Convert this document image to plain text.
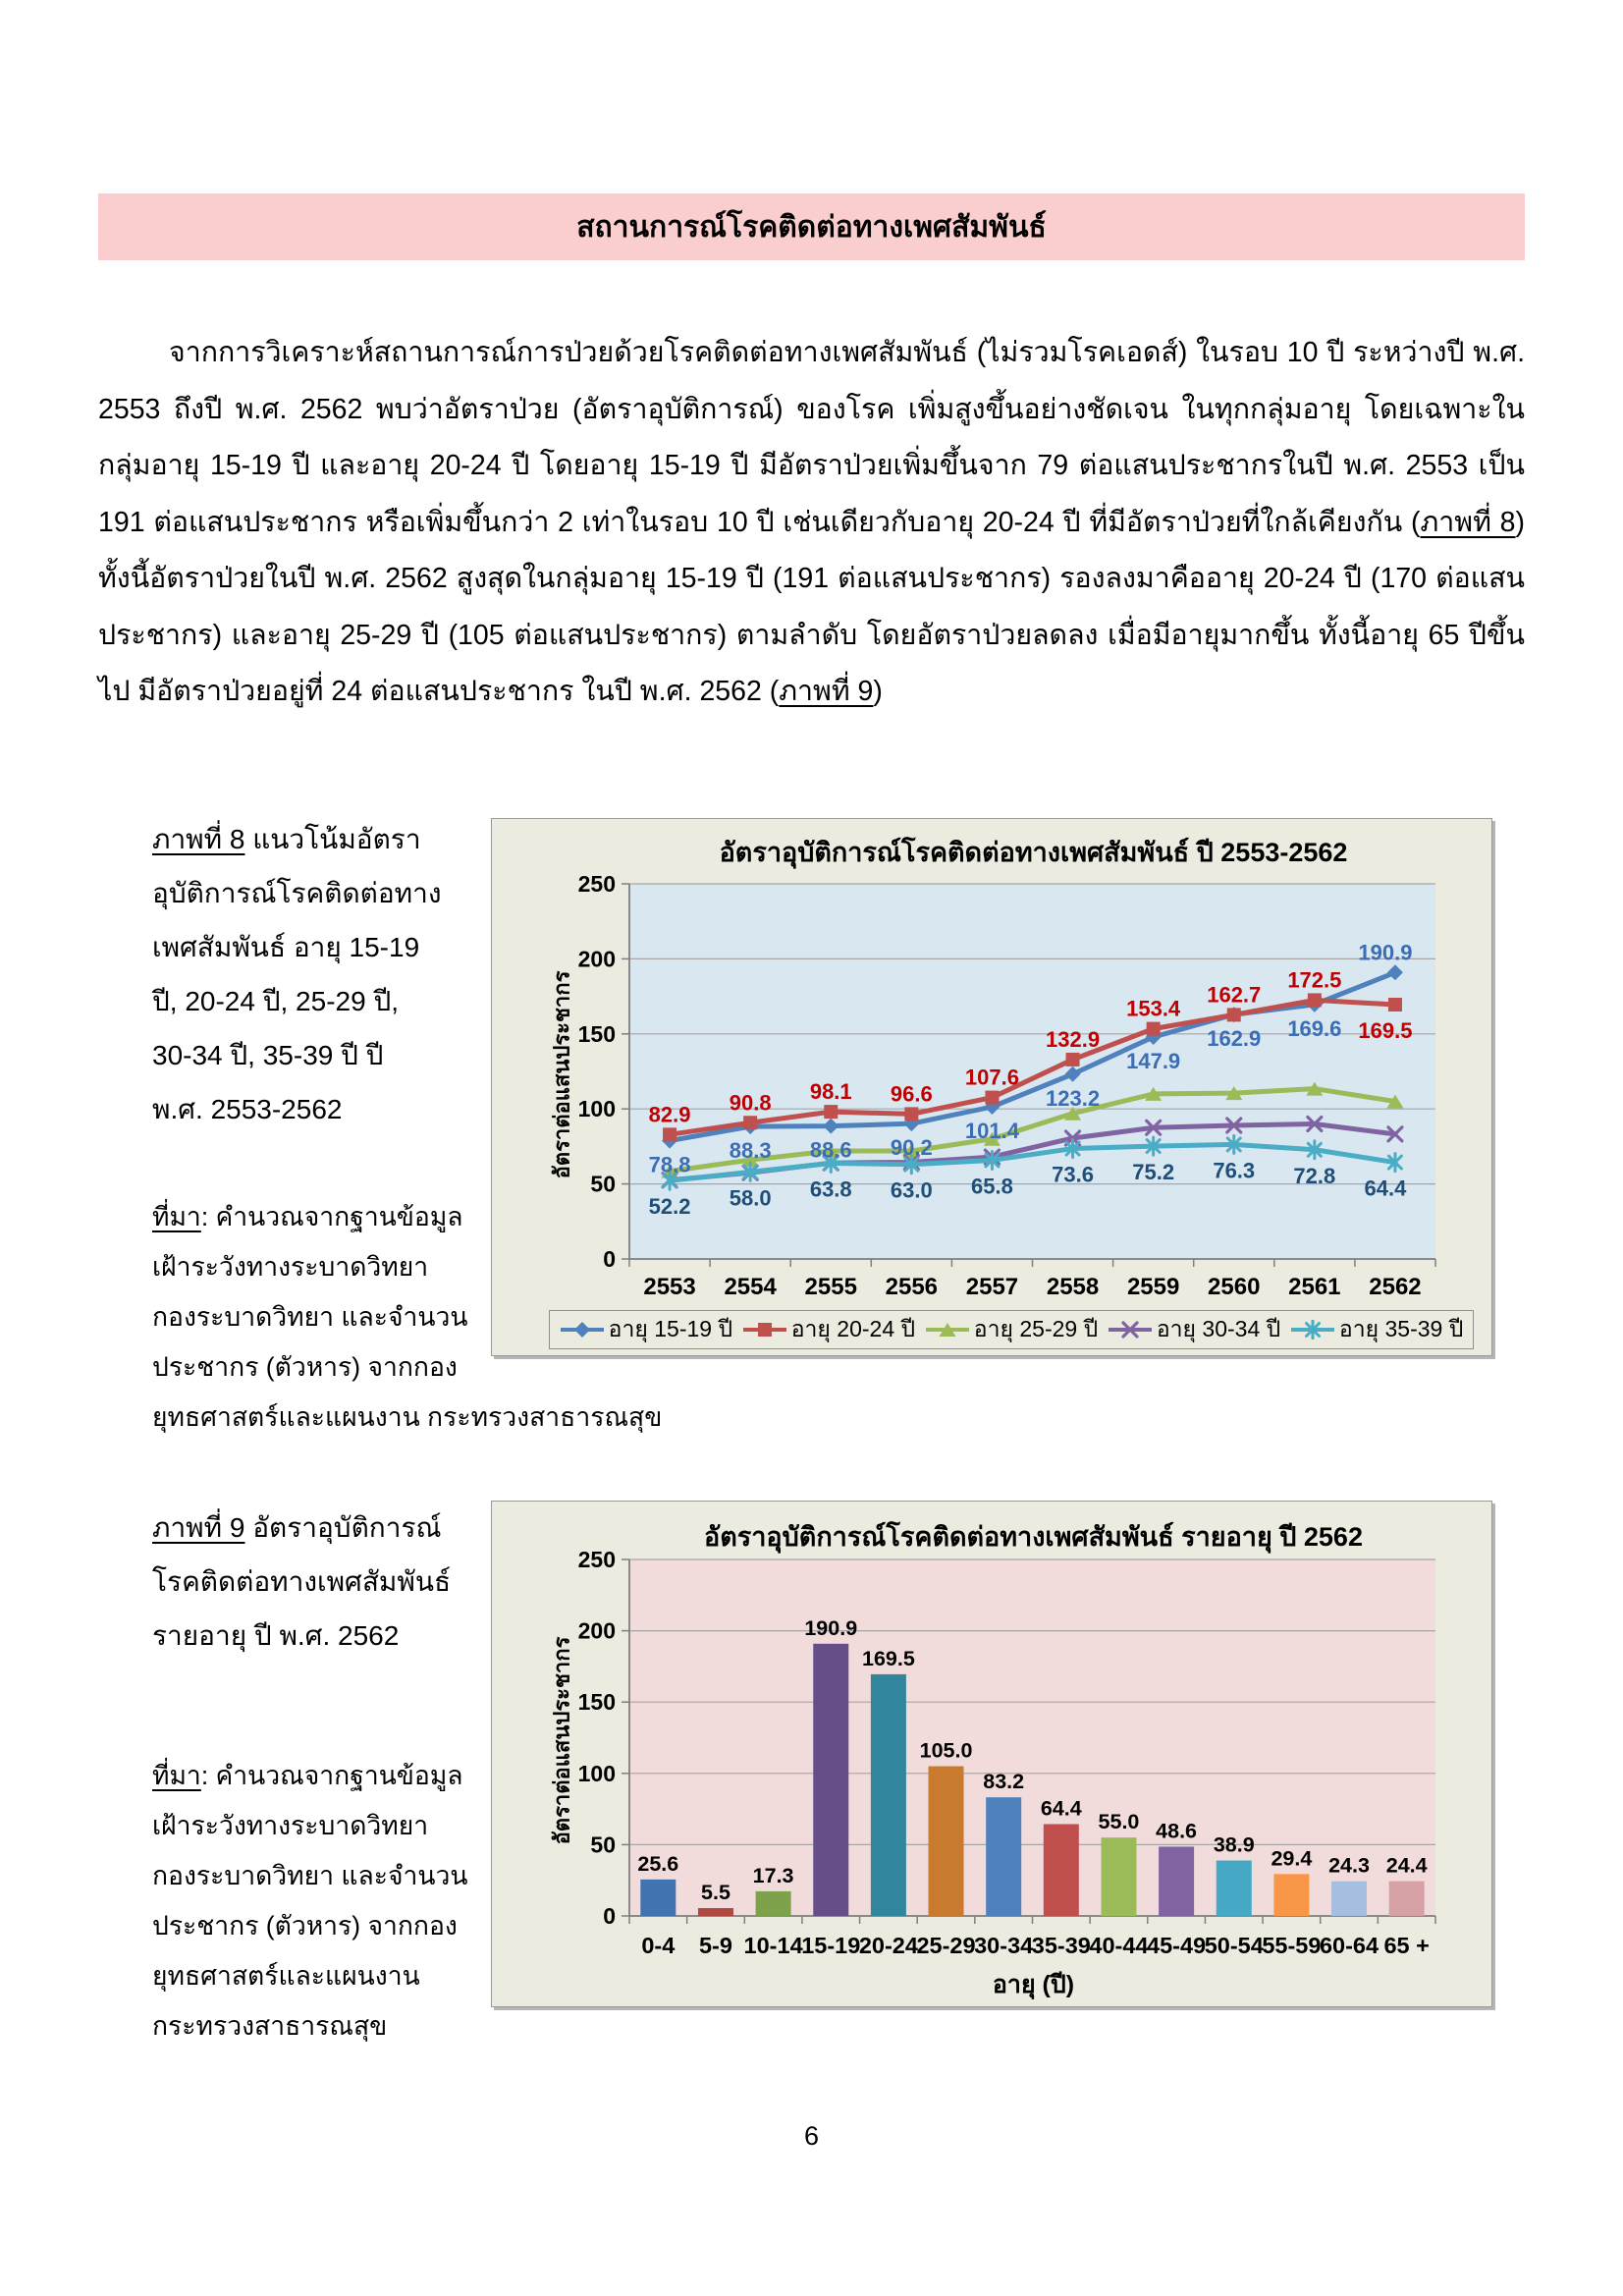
สถานการณ์โรคติดต่อทางเพศสัมพันธ์
จากการวิเคราะห์สถานการณ์การป่วยด้วยโรคติดต่อทางเพศสัมพันธ์ (ไม่รวมโรคเอดส์) ในรอบ 10 ปี ระหว่างปี พ.ศ. 2553 ถึงปี พ.ศ. 2562 พบว่าอัตราป่วย (อัตราอุบัติการณ์) ของโรค เพิ่มสูงขึ้นอย่างชัดเจน ในทุกกลุ่มอายุ โดยเฉพาะในกลุ่มอายุ 15-19 ปี และอายุ 20-24 ปี โดยอายุ 15-19 ปี มีอัตราป่วยเพิ่มขึ้นจาก 79 ต่อแสนประชากรในปี พ.ศ. 2553 เป็น 191 ต่อแสนประชากร หรือเพิ่มขึ้นกว่า 2 เท่าในรอบ 10 ปี เช่นเดียวกับอายุ 20-24 ปี ที่มีอัตราป่วยที่ใกล้เคียงกัน (ภาพที่ 8) ทั้งนี้อัตราป่วยในปี พ.ศ. 2562 สูงสุดในกลุ่มอายุ 15-19 ปี (191 ต่อแสนประชากร) รองลงมาคืออายุ 20-24 ปี (170 ต่อแสนประชากร) และอายุ 25-29 ปี (105 ต่อแสนประชากร) ตามลำดับ โดยอัตราป่วยลดลง เมื่อมีอายุมากขึ้น ทั้งนี้อายุ 65 ปีขึ้นไป มีอัตราป่วยอยู่ที่ 24 ต่อแสนประชากร ในปี พ.ศ. 2562 (ภาพที่ 9)
ภาพที่ 8 แนวโน้มอัตรา
อุบัติการณ์โรคติดต่อทาง
เพศสัมพันธ์ อายุ 15-19
ปี, 20-24 ปี, 25-29 ปี,
30-34 ปี, 35-39 ปี ปี
พ.ศ. 2553-2562
ที่มา: คำนวณจากฐานข้อมูล
เฝ้าระวังทางระบาดวิทยา
กองระบาดวิทยา และจำนวน
ประชากร (ตัวหาร) จากกอง
ยุทธศาสตร์และแผนงาน กระทรวงสาธารณสุข
อัตราอุบัติการณ์โรคติดต่อทางเพศสัมพันธ์ ปี 2553-2562
อัตราต่อแสนประชากร
0
50
100
150
200
250
2553 2554 2555 2556 2557 2558 2559 2560 2561 2562
78.8
88.3 88.6 90.2
101.4
123.2
147.9
162.9 169.6
190.9
82.9 90.8 98.1 96.6
107.6
132.9
153.4
162.7
172.5
169.5
52.2 58.0 63.8 63.0 65.8 73.6 75.2 76.3 72.8
64.4
อายุ 15-19 ปี	อายุ 20-24 ปี	อายุ 25-29 ปี	อายุ 30-34 ปี	อายุ 35-39 ปี
ภาพที่ 9 อัตราอุบัติการณ์
โรคติดต่อทางเพศสัมพันธ์
รายอายุ ปี พ.ศ. 2562
ที่มา: คำนวณจากฐานข้อมูล
เฝ้าระวังทางระบาดวิทยา
กองระบาดวิทยา และจำนวน
ประชากร (ตัวหาร) จากกอง
ยุทธศาสตร์และแผนงาน
กระทรวงสาธารณสุข
อัตราอุบัติการณ์โรคติดต่อทางเพศสัมพันธ์ รายอายุ ปี 2562
อัตราต่อแสนประชากร
0
50
100
150
200
250
0-4 5-9 10-14
15-19
20-24
25-29
30-34
35-39
40-44
45-49
50-54
55-59
60-64 65 +
25.6
5.5
17.3
190.9
169.5
105.0
83.2
64.4
55.0 48.6
38.9
29.4 24.3 24.4
อายุ (ปี)
6
